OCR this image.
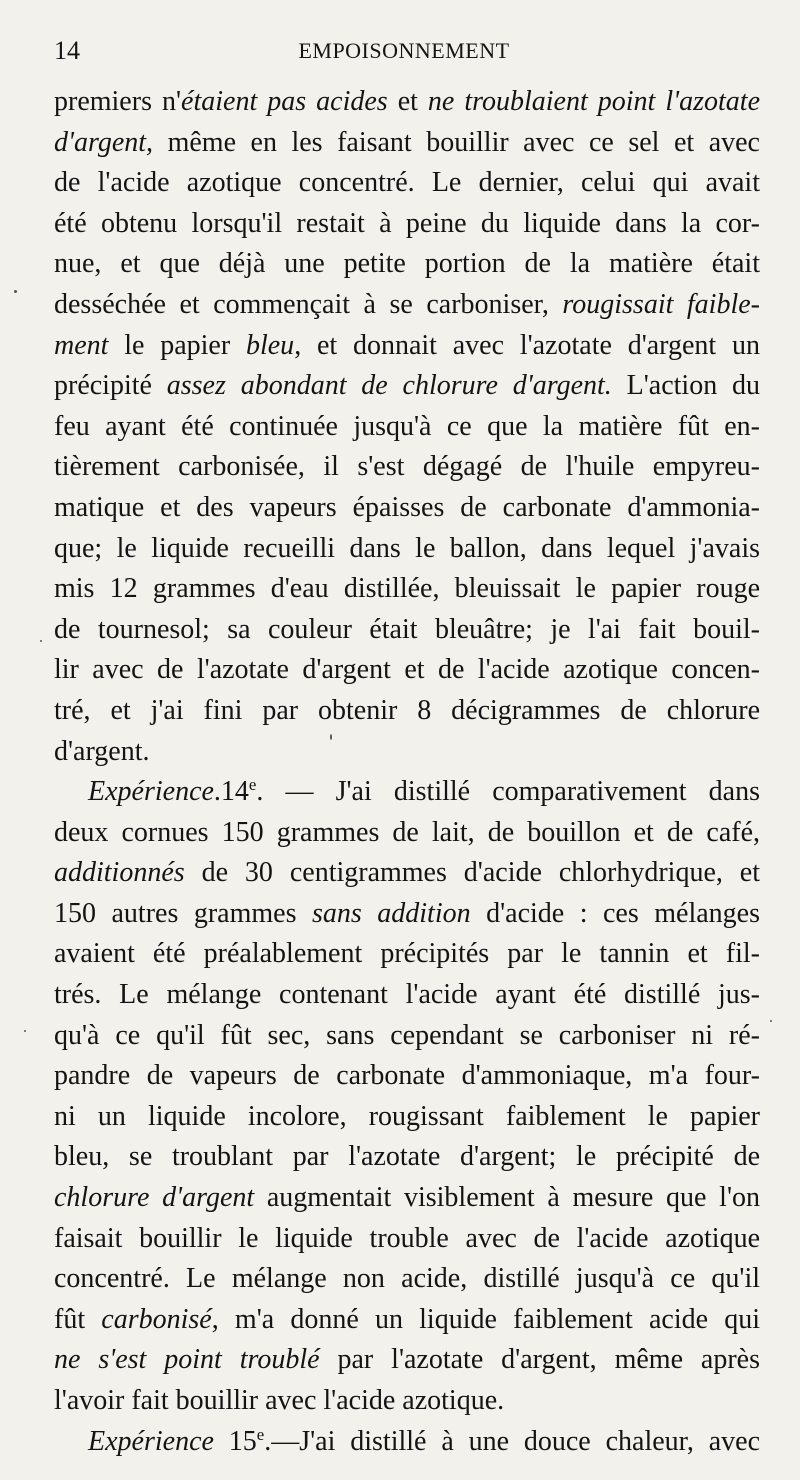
14	EMPOISONNEMENT
premiers n'étaient pas acides et ne troublaient point l'azotate
d'argent, même en les faisant bouillir avec ce sel et avec
de l'acide azotique concentré. Le dernier, celui qui avait
été obtenu lorsqu'il restait à peine du liquide dans la cor-
nue, et que déjà une petite portion de la matière était
desséchée et commençait à se carboniser, rougissait faible-
ment le papier bleu, et donnait avec l'azotate d'argent un
précipité assez abondant de chlorure d'argent. L'action du
feu ayant été continuée jusqu'à ce que la matière fût en-
tièrement carbonisée, il s'est dégagé de l'huile empyreu-
matique et des vapeurs épaisses de carbonate d'ammonia-
que; le liquide recueilli dans le ballon, dans lequel j'avais
mis 12 grammes d'eau distillée, bleuissait le papier rouge
de tournesol; sa couleur était bleuâtre; je l'ai fait bouil-
lir avec de l'azotate d'argent et de l'acide azotique concen-
tré, et j'ai fini par obtenir 8 décigrammes de chlorure
d'argent.
Expérience.14e. — J'ai distillé comparativement dans
deux cornues 150 grammes de lait, de bouillon et de café,
additionnés de 30 centigrammes d'acide chlorhydrique, et
150 autres grammes sans addition d'acide : ces mélanges
avaient été préalablement précipités par le tannin et fil-
trés. Le mélange contenant l'acide ayant été distillé jus-
qu'à ce qu'il fût sec, sans cependant se carboniser ni ré-
pandre de vapeurs de carbonate d'ammoniaque, m'a four-
ni un liquide incolore, rougissant faiblement le papier
bleu, se troublant par l'azotate d'argent; le précipité de
chlorure d'argent augmentait visiblement à mesure que l'on
faisait bouillir le liquide trouble avec de l'acide azotique
concentré. Le mélange non acide, distillé jusqu'à ce qu'il
fût carbonisé, m'a donné un liquide faiblement acide qui
ne s'est point troublé par l'azotate d'argent, même après
l'avoir fait bouillir avec l'acide azotique.
Expérience 15e.—J'ai distillé à une douce chaleur, avec
